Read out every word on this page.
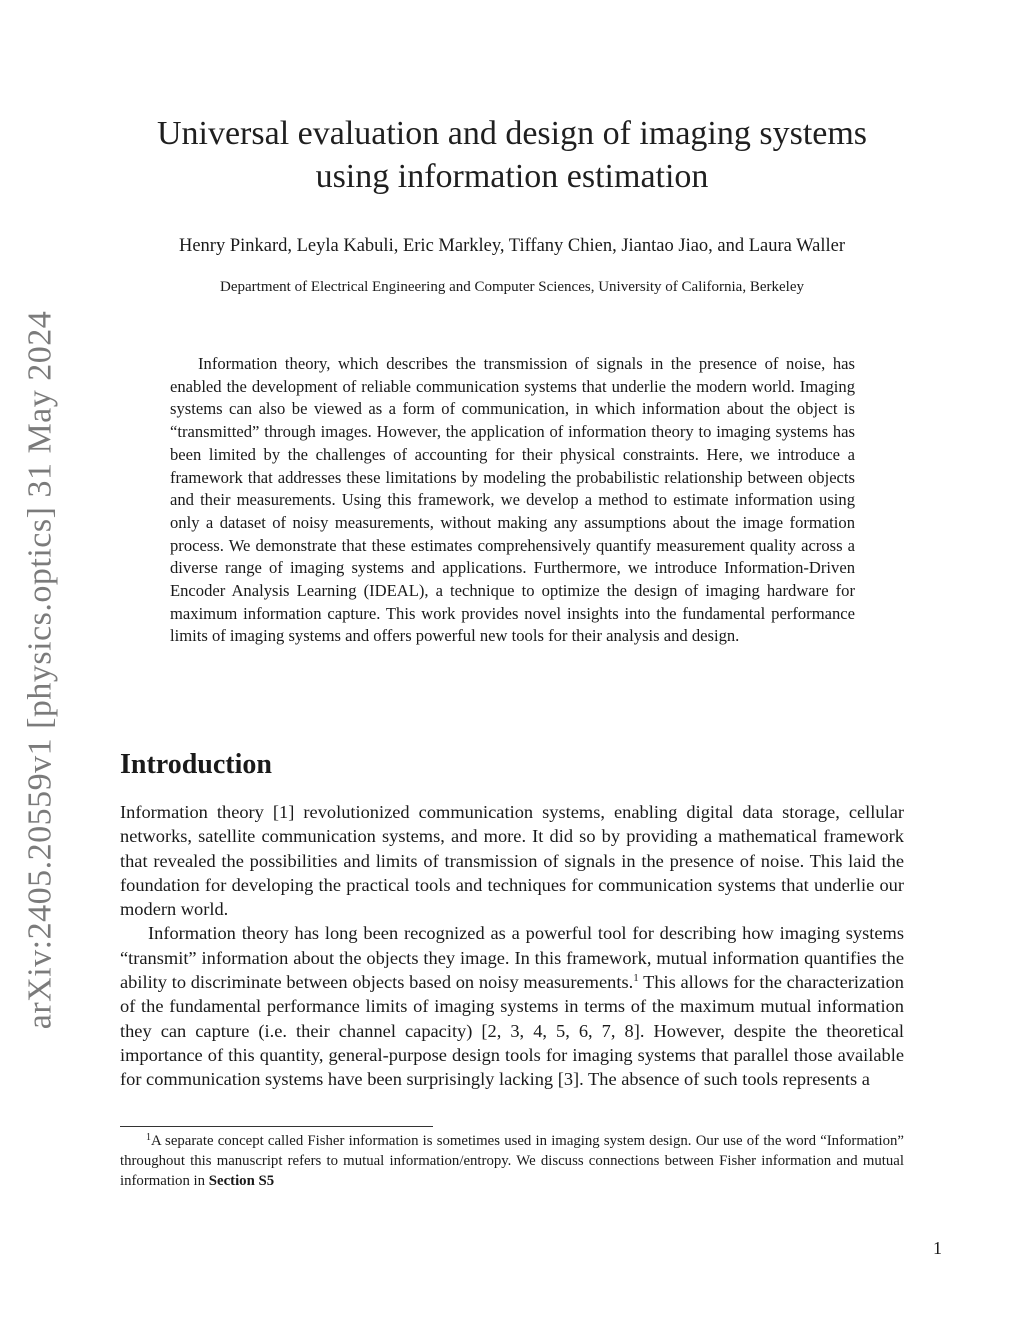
arXiv:2405.20559v1 [physics.optics] 31 May 2024
Universal evaluation and design of imaging systems
using information estimation

Henry Pinkard, Leyla Kabuli, Eric Markley, Tiffany Chien, Jiantao Jiao, and Laura Waller

Department of Electrical Engineering and Computer Sciences, University of California, Berkeley

Information theory, which describes the transmission of signals in the presence of noise, has enabled the development of reliable communication systems that underlie the modern world. Imaging systems can also be viewed as a form of communication, in which information about the object is “transmitted” through images. However, the application of information theory to imaging systems has been limited by the challenges of accounting for their physical constraints. Here, we introduce a framework that addresses these limitations by modeling the probabilistic relationship between objects and their measurements. Using this framework, we develop a method to estimate information using only a dataset of noisy measurements, without making any assumptions about the image formation process. We demonstrate that these estimates comprehensively quantify measurement quality across a diverse range of imaging systems and applications. Furthermore, we introduce Information-Driven Encoder Analysis Learning (IDEAL), a technique to optimize the design of imaging hardware for maximum information capture. This work provides novel insights into the fundamental performance limits of imaging systems and offers powerful new tools for their analysis and design.

Introduction

Information theory [1] revolutionized communication systems, enabling digital data storage, cellular networks, satellite communication systems, and more. It did so by providing a mathematical framework that revealed the possibilities and limits of transmission of signals in the presence of noise. This laid the foundation for developing the practical tools and techniques for communication systems that underlie our modern world.

Information theory has long been recognized as a powerful tool for describing how imaging systems “transmit” information about the objects they image. In this framework, mutual information quantifies the ability to discriminate between objects based on noisy measurements.$^1$ This allows for the characterization of the fundamental performance limits of imaging systems in terms of the maximum mutual information they can capture (i.e. their channel capacity) [2, 3, 4, 5, 6, 7, 8]. However, despite the theoretical importance of this quantity, general-purpose design tools for imaging systems that parallel those available for communication systems have been surprisingly lacking [3]. The absence of such tools represents a

$^1$A separate concept called Fisher information is sometimes used in imaging system design. Our use of the word “Information” throughout this manuscript refers to mutual information/entropy. We discuss connections between Fisher information and mutual information in Section S5

1
